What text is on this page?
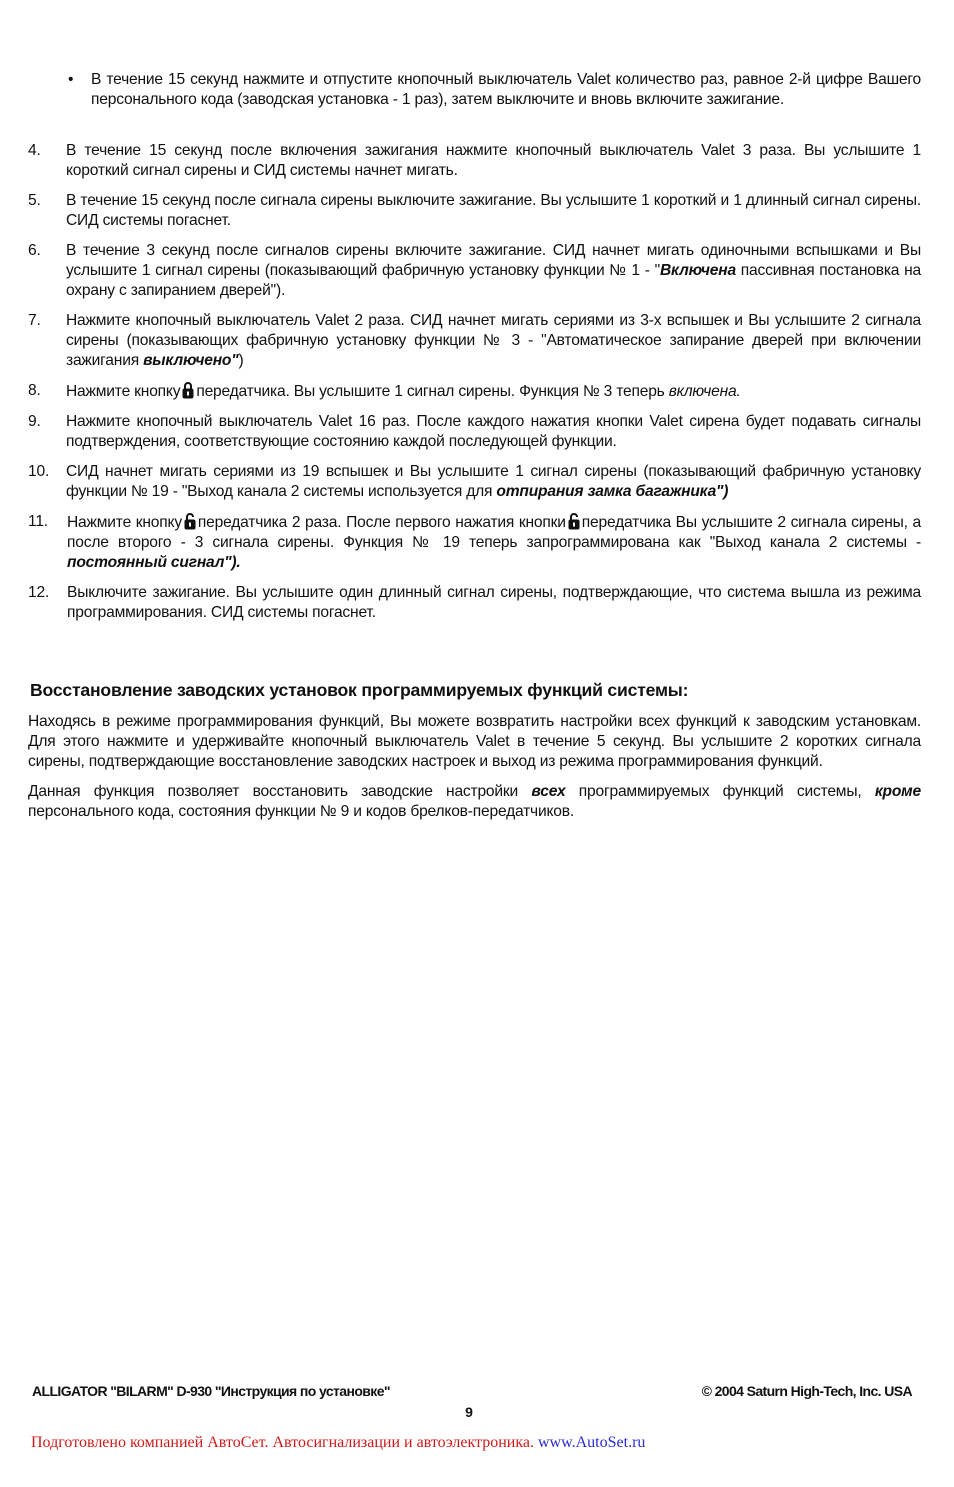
•	В течение 15 секунд нажмите и отпустите кнопочный выключатель Valet количество раз, равное 2-й цифре Вашего персонального кода (заводская установка - 1 раз), затем выключите и вновь включите зажигание.
4.	В течение 15 секунд после включения зажигания нажмите кнопочный выключатель Valet 3 раза. Вы услышите 1 короткий сигнал сирены и СИД системы начнет мигать.
5.	В течение 15 секунд после сигнала сирены выключите зажигание. Вы услышите 1 короткий и 1 длинный сигнал сирены. СИД системы погаснет.
6.	В течение 3 секунд после сигналов сирены включите зажигание. СИД начнет мигать одиночными вспышками и Вы услышите 1 сигнал сирены (показывающий фабричную установку функции № 1 - "Включена пассивная постановка на охрану с запиранием дверей").
7.	Нажмите кнопочный выключатель Valet 2 раза. СИД начнет мигать сериями из 3-х вспышек и Вы услышите 2 сигнала сирены (показывающих фабричную установку функции № 3 - "Автоматическое запирание дверей при включении зажигания выключено")
8.	Нажмите кнопку передатчика. Вы услышите 1 сигнал сирены. Функция № 3 теперь включена.
9.	Нажмите кнопочный выключатель Valet 16 раз. После каждого нажатия кнопки Valet сирена будет подавать сигналы подтверждения, соответствующие состоянию каждой последующей функции.
10.	СИД начнет мигать сериями из 19 вспышек и Вы услышите 1 сигнал сирены (показывающий фабричную установку функции № 19 - "Выход канала 2 системы используется для отпирания замка багажника")
11.	Нажмите кнопку передатчика 2 раза. После первого нажатия кнопки передатчика Вы услышите 2 сигнала сирены, а после второго - 3 сигнала сирены. Функция № 19 теперь запрограммирована как "Выход канала 2 системы - постоянный сигнал").
12.	Выключите зажигание. Вы услышите один длинный сигнал сирены, подтверждающие, что система вышла из режима программирования. СИД системы погаснет.
Восстановление заводских установок программируемых функций системы:

Находясь в режиме программирования функций, Вы можете возвратить настройки всех функций к заводским установкам. Для этого нажмите и удерживайте кнопочный выключатель Valet в течение 5 секунд. Вы услышите 2 коротких сигнала сирены, подтверждающие восстановление заводских настроек и выход из режима программирования функций.

Данная функция позволяет восстановить заводские настройки всех программируемых функций системы, кроме персонального кода, состояния функции № 9 и кодов брелков-передатчиков.

ALLIGATOR "BILARM" D-930 "Инструкция по установке"	© 2004 Saturn High-Tech, Inc. USA
9
Подготовлено компанией АвтоСет. Автосигнализации и автоэлектроника. www.AutoSet.ru
